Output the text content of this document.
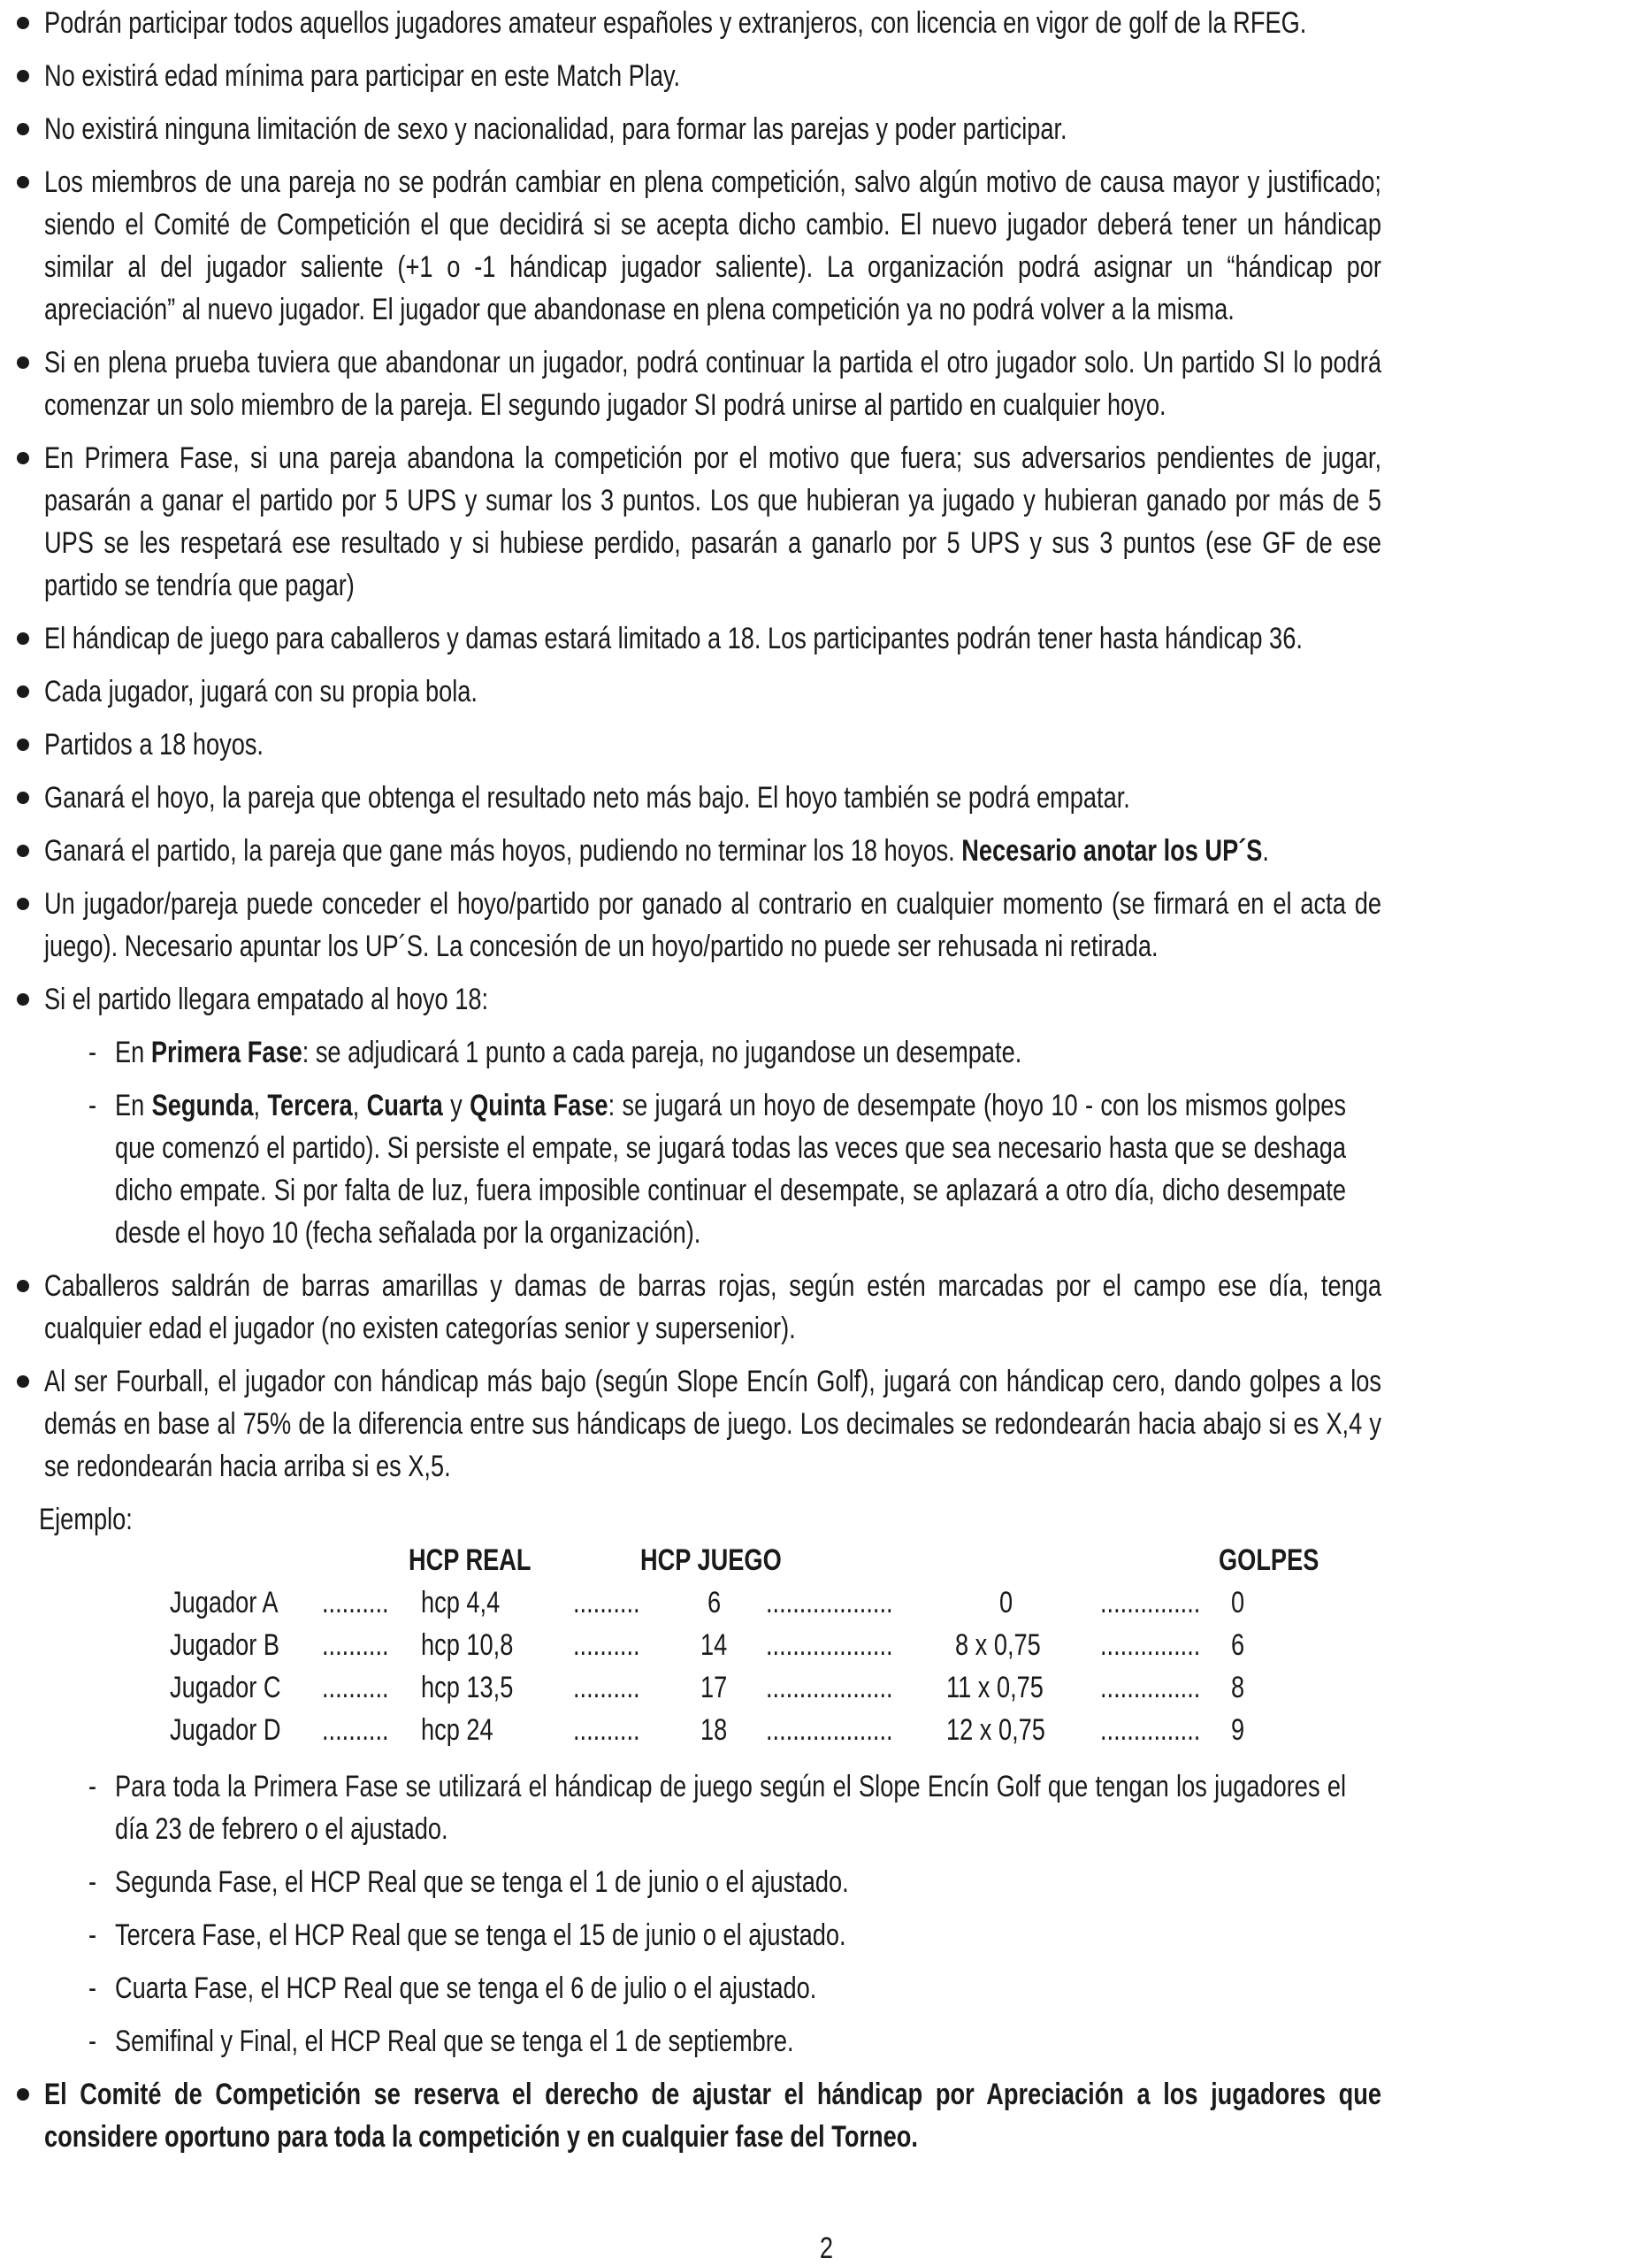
Podrán participar todos aquellos jugadores amateur españoles y extranjeros, con licencia en vigor de golf de la RFEG.
No existirá edad mínima para participar en este Match Play.
No existirá ninguna limitación de sexo y nacionalidad, para formar las parejas y poder participar.
Los miembros de una pareja no se podrán cambiar en plena competición, salvo algún motivo de causa mayor y justificado; siendo el Comité de Competición el que decidirá si se acepta dicho cambio. El nuevo jugador deberá tener un hándicap similar al del jugador saliente (+1 o -1 hándicap jugador saliente). La organización podrá asignar un “hándicap por apreciación” al nuevo jugador. El jugador que abandonase en plena competición ya no podrá volver a la misma.
Si en plena prueba tuviera que abandonar un jugador, podrá continuar la partida el otro jugador solo. Un partido SI lo podrá comenzar un solo miembro de la pareja. El segundo jugador SI podrá unirse al partido en cualquier hoyo.
En Primera Fase, si una pareja abandona la competición por el motivo que fuera; sus adversarios pendientes de jugar, pasarán a ganar el partido por 5 UPS y sumar los 3 puntos. Los que hubieran ya jugado y hubieran ganado por más de 5 UPS se les respetará ese resultado y si hubiese perdido, pasarán a ganarlo por 5 UPS y sus 3 puntos (ese GF de ese partido se tendría que pagar)
El hándicap de juego para caballeros y damas estará limitado a 18. Los participantes podrán tener hasta hándicap 36.
Cada jugador, jugará con su propia bola.
Partidos a 18 hoyos.
Ganará el hoyo, la pareja que obtenga el resultado neto más bajo. El hoyo también se podrá empatar.
Ganará el partido, la pareja que gane más hoyos, pudiendo no terminar los 18 hoyos. Necesario anotar los UP´S.
Un jugador/pareja puede conceder el hoyo/partido por ganado al contrario en cualquier momento (se firmará en el acta de juego). Necesario apuntar los UP´S. La concesión de un hoyo/partido no puede ser rehusada ni retirada.
Si el partido llegara empatado al hoyo 18:
- En Primera Fase: se adjudicará 1 punto a cada pareja, no jugandose un desempate.
- En Segunda, Tercera, Cuarta y Quinta Fase: se jugará un hoyo de desempate (hoyo 10 - con los mismos golpes que comenzó el partido). Si persiste el empate, se jugará todas las veces que sea necesario hasta que se deshaga dicho empate. Si por falta de luz, fuera imposible continuar el desempate, se aplazará a otro día, dicho desempate desde el hoyo 10 (fecha señalada por la organización).
Caballeros saldrán de barras amarillas y damas de barras rojas, según estén marcadas por el campo ese día, tenga cualquier edad el jugador (no existen categorías senior y supersenior).
Al ser Fourball, el jugador con hándicap más bajo (según Slope Encín Golf), jugará con hándicap cero, dando golpes a los demás en base al 75% de la diferencia entre sus hándicaps de juego. Los decimales se redondearán hacia abajo si es X,4 y se redondearán hacia arriba si es X,5.
Ejemplo:
HCP REAL	HCP JUEGO	GOLPES
Jugador A .......... hcp 4,4 .......... 6 ...................	0	............... 0
Jugador B .......... hcp 10,8 .......... 14 ................... 8 x 0,75 ............... 6
Jugador C .......... hcp 13,5 .......... 17 ................... 11 x 0,75 ............... 8
Jugador D .......... hcp 24	.......... 18 ................... 12 x 0,75 ............... 9
- Para toda la Primera Fase se utilizará el hándicap de juego según el Slope Encín Golf que tengan los jugadores el día 23 de febrero o el ajustado.
- Segunda Fase, el HCP Real que se tenga el 1 de junio o el ajustado.
- Tercera Fase, el HCP Real que se tenga el 15 de junio o el ajustado.
- Cuarta Fase, el HCP Real que se tenga el 6 de julio o el ajustado.
- Semifinal y Final, el HCP Real que se tenga el 1 de septiembre.
El Comité de Competición se reserva el derecho de ajustar el hándicap por Apreciación a los jugadores que considere oportuno para toda la competición y en cualquier fase del Torneo.
2
